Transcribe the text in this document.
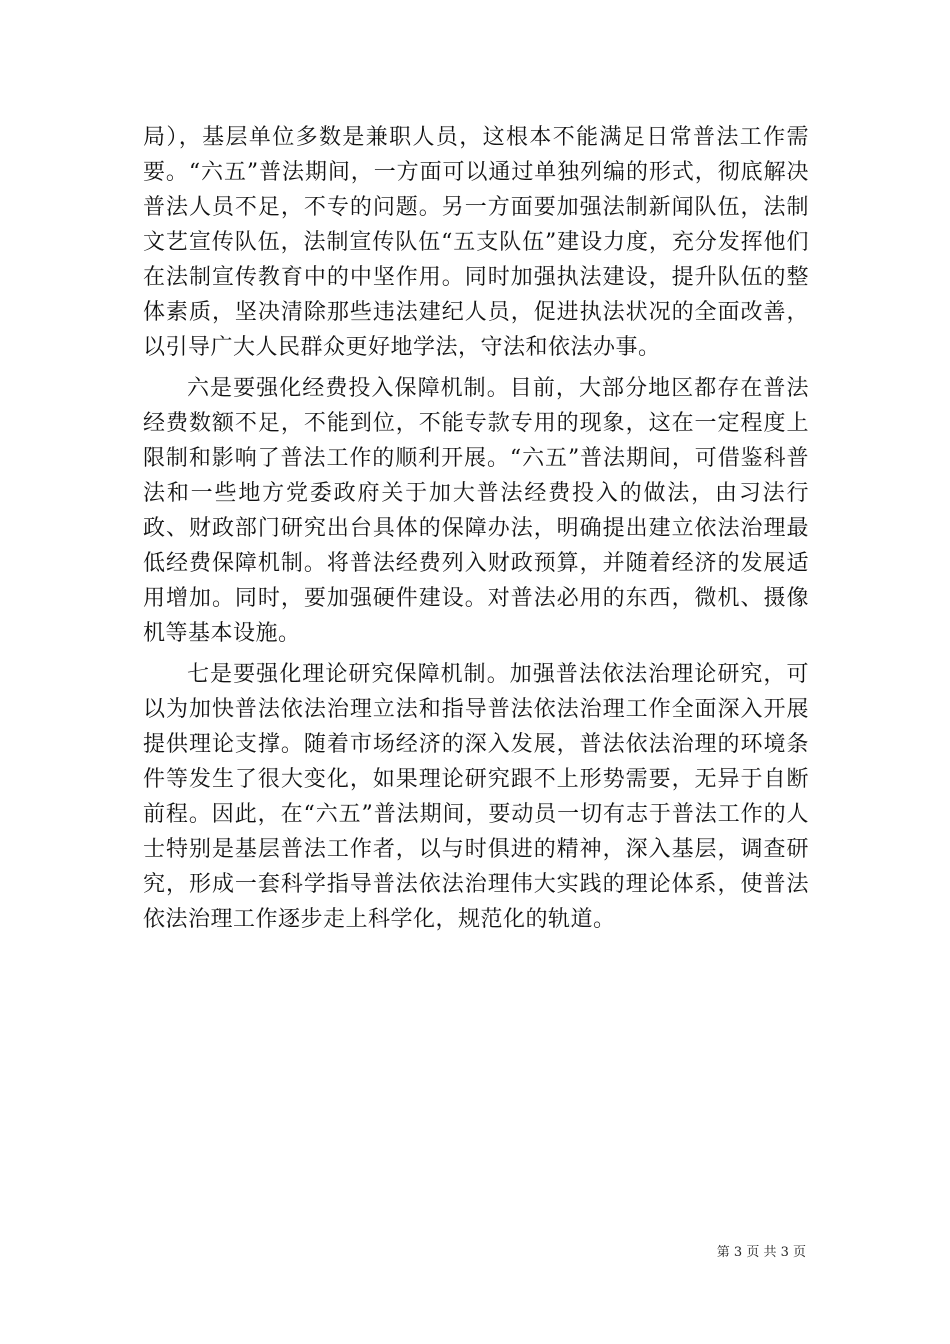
局），基层单位多数是兼职人员，这根本不能满足日常普法工作需要。“六五”普法期间，一方面可以通过单独列编的形式，彻底解决普法人员不足，不专的问题。另一方面要加强法制新闻队伍，法制文艺宣传队伍，法制宣传队伍“五支队伍”建设力度，充分发挥他们在法制宣传教育中的中坚作用。同时加强执法建设，提升队伍的整体素质，坚决清除那些违法建纪人员，促进执法状况的全面改善，以引导广大人民群众更好地学法，守法和依法办事。

六是要强化经费投入保障机制。目前，大部分地区都存在普法经费数额不足，不能到位，不能专款专用的现象，这在一定程度上限制和影响了普法工作的顺利开展。“六五”普法期间，可借鉴科普法和一些地方党委政府关于加大普法经费投入的做法，由习法行政、财政部门研究出台具体的保障办法，明确提出建立依法治理最低经费保障机制。将普法经费列入财政预算，并随着经济的发展适用增加。同时，要加强硬件建设。对普法必用的东西，微机、摄像机等基本设施。

七是要强化理论研究保障机制。加强普法依法治理论研究，可以为加快普法依法治理立法和指导普法依法治理工作全面深入开展提供理论支撑。随着市场经济的深入发展，普法依法治理的环境条件等发生了很大变化，如果理论研究跟不上形势需要，无异于自断前程。因此，在“六五”普法期间，要动员一切有志于普法工作的人士特别是基层普法工作者，以与时俱进的精神，深入基层，调查研究，形成一套科学指导普法依法治理伟大实践的理论体系，使普法依法治理工作逐步走上科学化，规范化的轨道。

第 3 页 共 3 页
